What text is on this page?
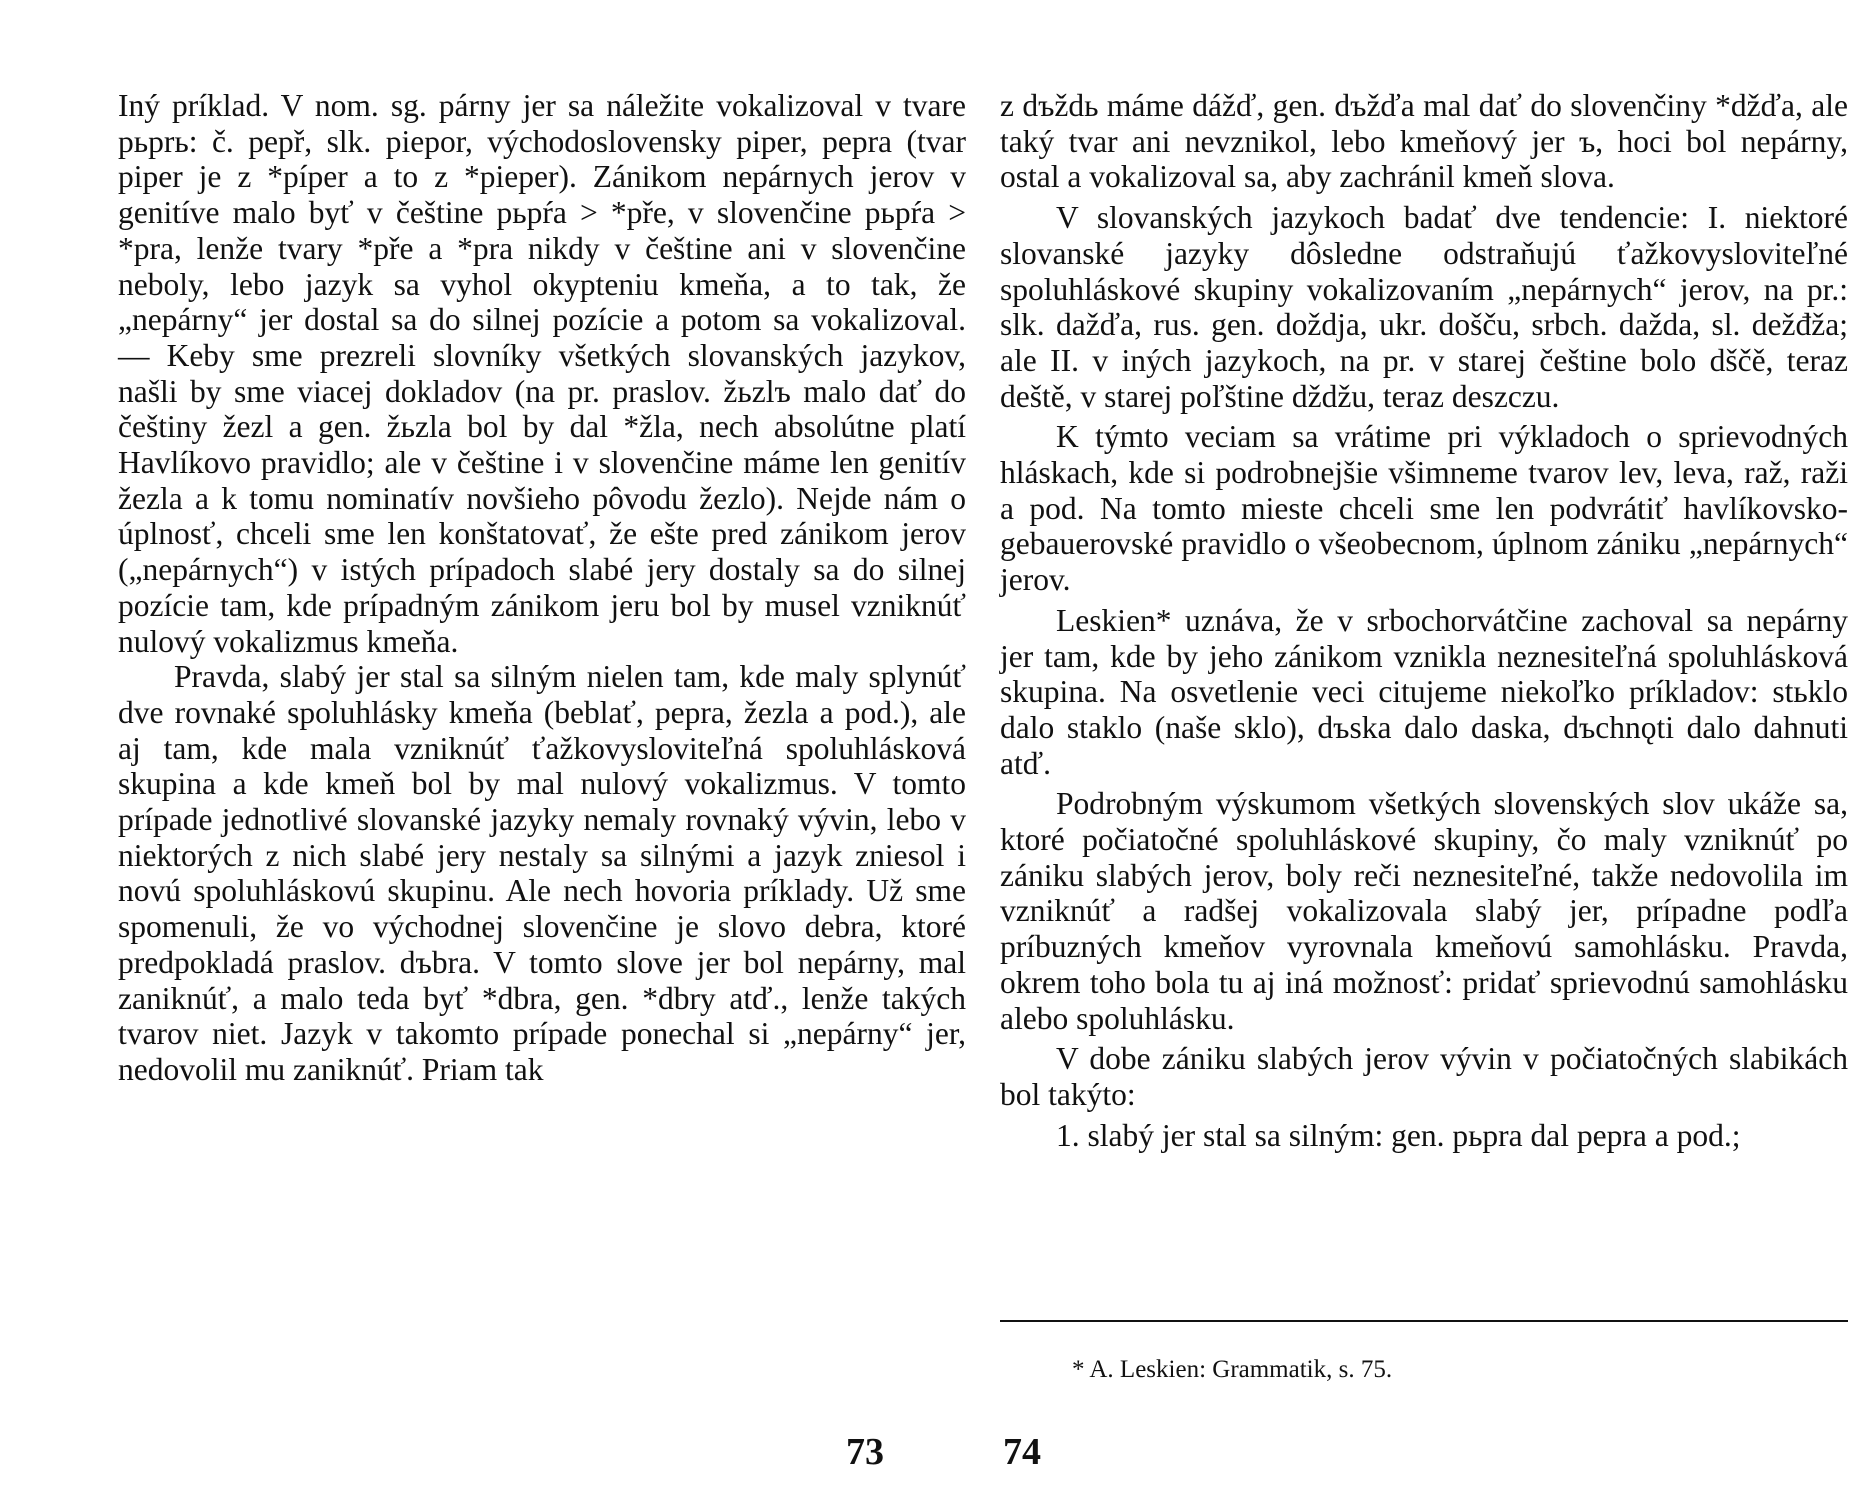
Iný príklad. V nom. sg. párny jer sa náležite vokalizoval v tvare pьprь: č. pepř, slk. piepor, východoslovensky piper, pepra (tvar piper je z *píper a to z *pieper). Zánikom nepárnych jerov v genitíve malo byť v češtine pьpŕa > *pře, v slovenčine pьpŕa > *pra, lenže tvary *pře a *pra nikdy v češtine ani v slovenčine neboly, lebo jazyk sa vyhol okypteniu kmeňa, a to tak, že „nepárny“ jer dostal sa do silnej pozície a potom sa vokalizoval. — Keby sme prezreli slovníky všetkých slovanských jazykov, našli by sme viacej dokladov (na pr. praslov. žьzlъ malo dať do češtiny žezl a gen. žьzla bol by dal *žla, nech absolútne platí Havlíkovo pravidlo; ale v češtine i v slovenčine máme len genitív žezla a k tomu nominatív novšieho pôvodu žezlo). Nejde nám o úplnosť, chceli sme len konštatovať, že ešte pred zánikom jerov („nepárnych“) v istých prípadoch slabé jery dostaly sa do silnej pozície tam, kde prípadným zánikom jeru bol by musel vzniknúť nulový vokalizmus kmeňa.

Pravda, slabý jer stal sa silným nielen tam, kde maly splynúť dve rovnaké spoluhlásky kmeňa (beblať, pepra, žezla a pod.), ale aj tam, kde mala vzniknúť ťažkovysloviteľná spoluhlásková skupina a kde kmeň bol by mal nulový vokalizmus. V tomto prípade jednotlivé slovanské jazyky nemaly rovnaký vývin, lebo v niektorých z nich slabé jery nestaly sa silnými a jazyk zniesol i novú spoluhláskovú skupinu. Ale nech hovoria príklady. Už sme spomenuli, že vo východnej slovenčine je slovo debra, ktoré predpokladá praslov. dъbra. V tomto slove jer bol nepárny, mal zaniknúť, a malo teda byť *dbra, gen. *dbry atď., lenže takých tvarov niet. Jazyk v takomto prípade ponechal si „nepárny“ jer, nedovolil mu zaniknúť. Priam tak

z dъždь máme dážď, gen. dъžďa mal dať do slovenčiny *džďa, ale taký tvar ani nevznikol, lebo kmeňový jer ъ, hoci bol nepárny, ostal a vokalizoval sa, aby zachránil kmeň slova.

V slovanských jazykoch badať dve tendencie: I. niektoré slovanské jazyky dôsledne odstraňujú ťažkovysloviteľné spoluhláskové skupiny vokalizovaním „nepárnych“ jerov, na pr.: slk. dažďa, rus. gen. doždja, ukr. došču, srbch. dažda, sl. dežđža; ale II. v iných jazykoch, na pr. v starej češtine bolo dščě, teraz deště, v starej poľštine dždžu, teraz deszczu.

K týmto veciam sa vrátime pri výkladoch o sprievodných hláskach, kde si podrobnejšie všimneme tvarov lev, leva, raž, raži a pod. Na tomto mieste chceli sme len podvrátiť havlíkovsko-gebauerovské pravidlo o všeobecnom, úplnom zániku „nepárnych“ jerov.

Leskien* uznáva, že v srbochorvátčine zachoval sa nepárny jer tam, kde by jeho zánikom vznikla neznesiteľná spoluhlásková skupina. Na osvetlenie veci citujeme niekoľko príkladov: stьklo dalo staklo (naše sklo), dъska dalo daska, dъchnǫti dalo dahnuti atď.

Podrobným výskumom všetkých slovenských slov ukáže sa, ktoré počiatočné spoluhláskové skupiny, čo maly vzniknúť po zániku slabých jerov, boly reči neznesiteľné, takže nedovolila im vzniknúť a radšej vokalizovala slabý jer, prípadne podľa príbuzných kmeňov vyrovnala kmeňovú samohlásku. Pravda, okrem toho bola tu aj iná možnosť: pridať sprievodnú samohlásku alebo spoluhlásku.

V dobe zániku slabých jerov vývin v počiatočných slabikách bol takýto:

1. slabý jer stal sa silným: gen. pьpra dal pepra a pod.;

* A. Leskien: Grammatik, s. 75.

73	74
